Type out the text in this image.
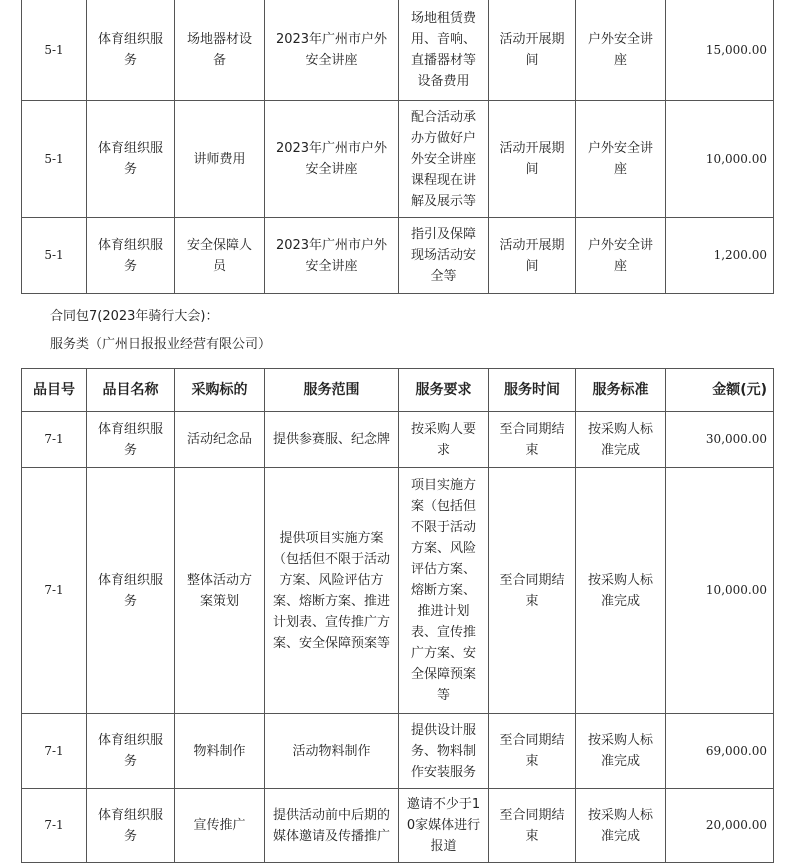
5-1	体育组织服务	场地器材设备	2023年广州市户外安全讲座	场地租赁费用、音响、直播器材等设备费用	活动开展期间	户外安全讲座	15,000.00
5-1	体育组织服务	讲师费用	2023年广州市户外安全讲座	配合活动承办方做好户外安全讲座课程现在讲解及展示等	活动开展期间	户外安全讲座	10,000.00
5-1	体育组织服务	安全保障人员	2023年广州市户外安全讲座	指引及保障现场活动安全等	活动开展期间	户外安全讲座	1,200.00
合同包7(2023年骑行大会)：
服务类（广州日报报业经营有限公司）
品目号	品目名称	采购标的	服务范围	服务要求	服务时间	服务标准	金额(元)
7-1	体育组织服务	活动纪念品	提供参赛服、纪念牌	按采购人要求	至合同期结束	按采购人标准完成	30,000.00
7-1	体育组织服务	整体活动方案策划	提供项目实施方案（包括但不限于活动方案、风险评估方案、熔断方案、推进计划表、宣传推广方案、安全保障预案等	项目实施方案（包括但不限于活动方案、风险评估方案、熔断方案、推进计划表、宣传推广方案、安全保障预案等	至合同期结束	按采购人标准完成	10,000.00
7-1	体育组织服务	物料制作	活动物料制作	提供设计服务、物料制作安装服务	至合同期结束	按采购人标准完成	69,000.00
7-1	体育组织服务	宣传推广	提供活动前中后期的媒体邀请及传播推广	邀请不少于10家媒体进行报道	至合同期结束	按采购人标准完成	20,000.00
